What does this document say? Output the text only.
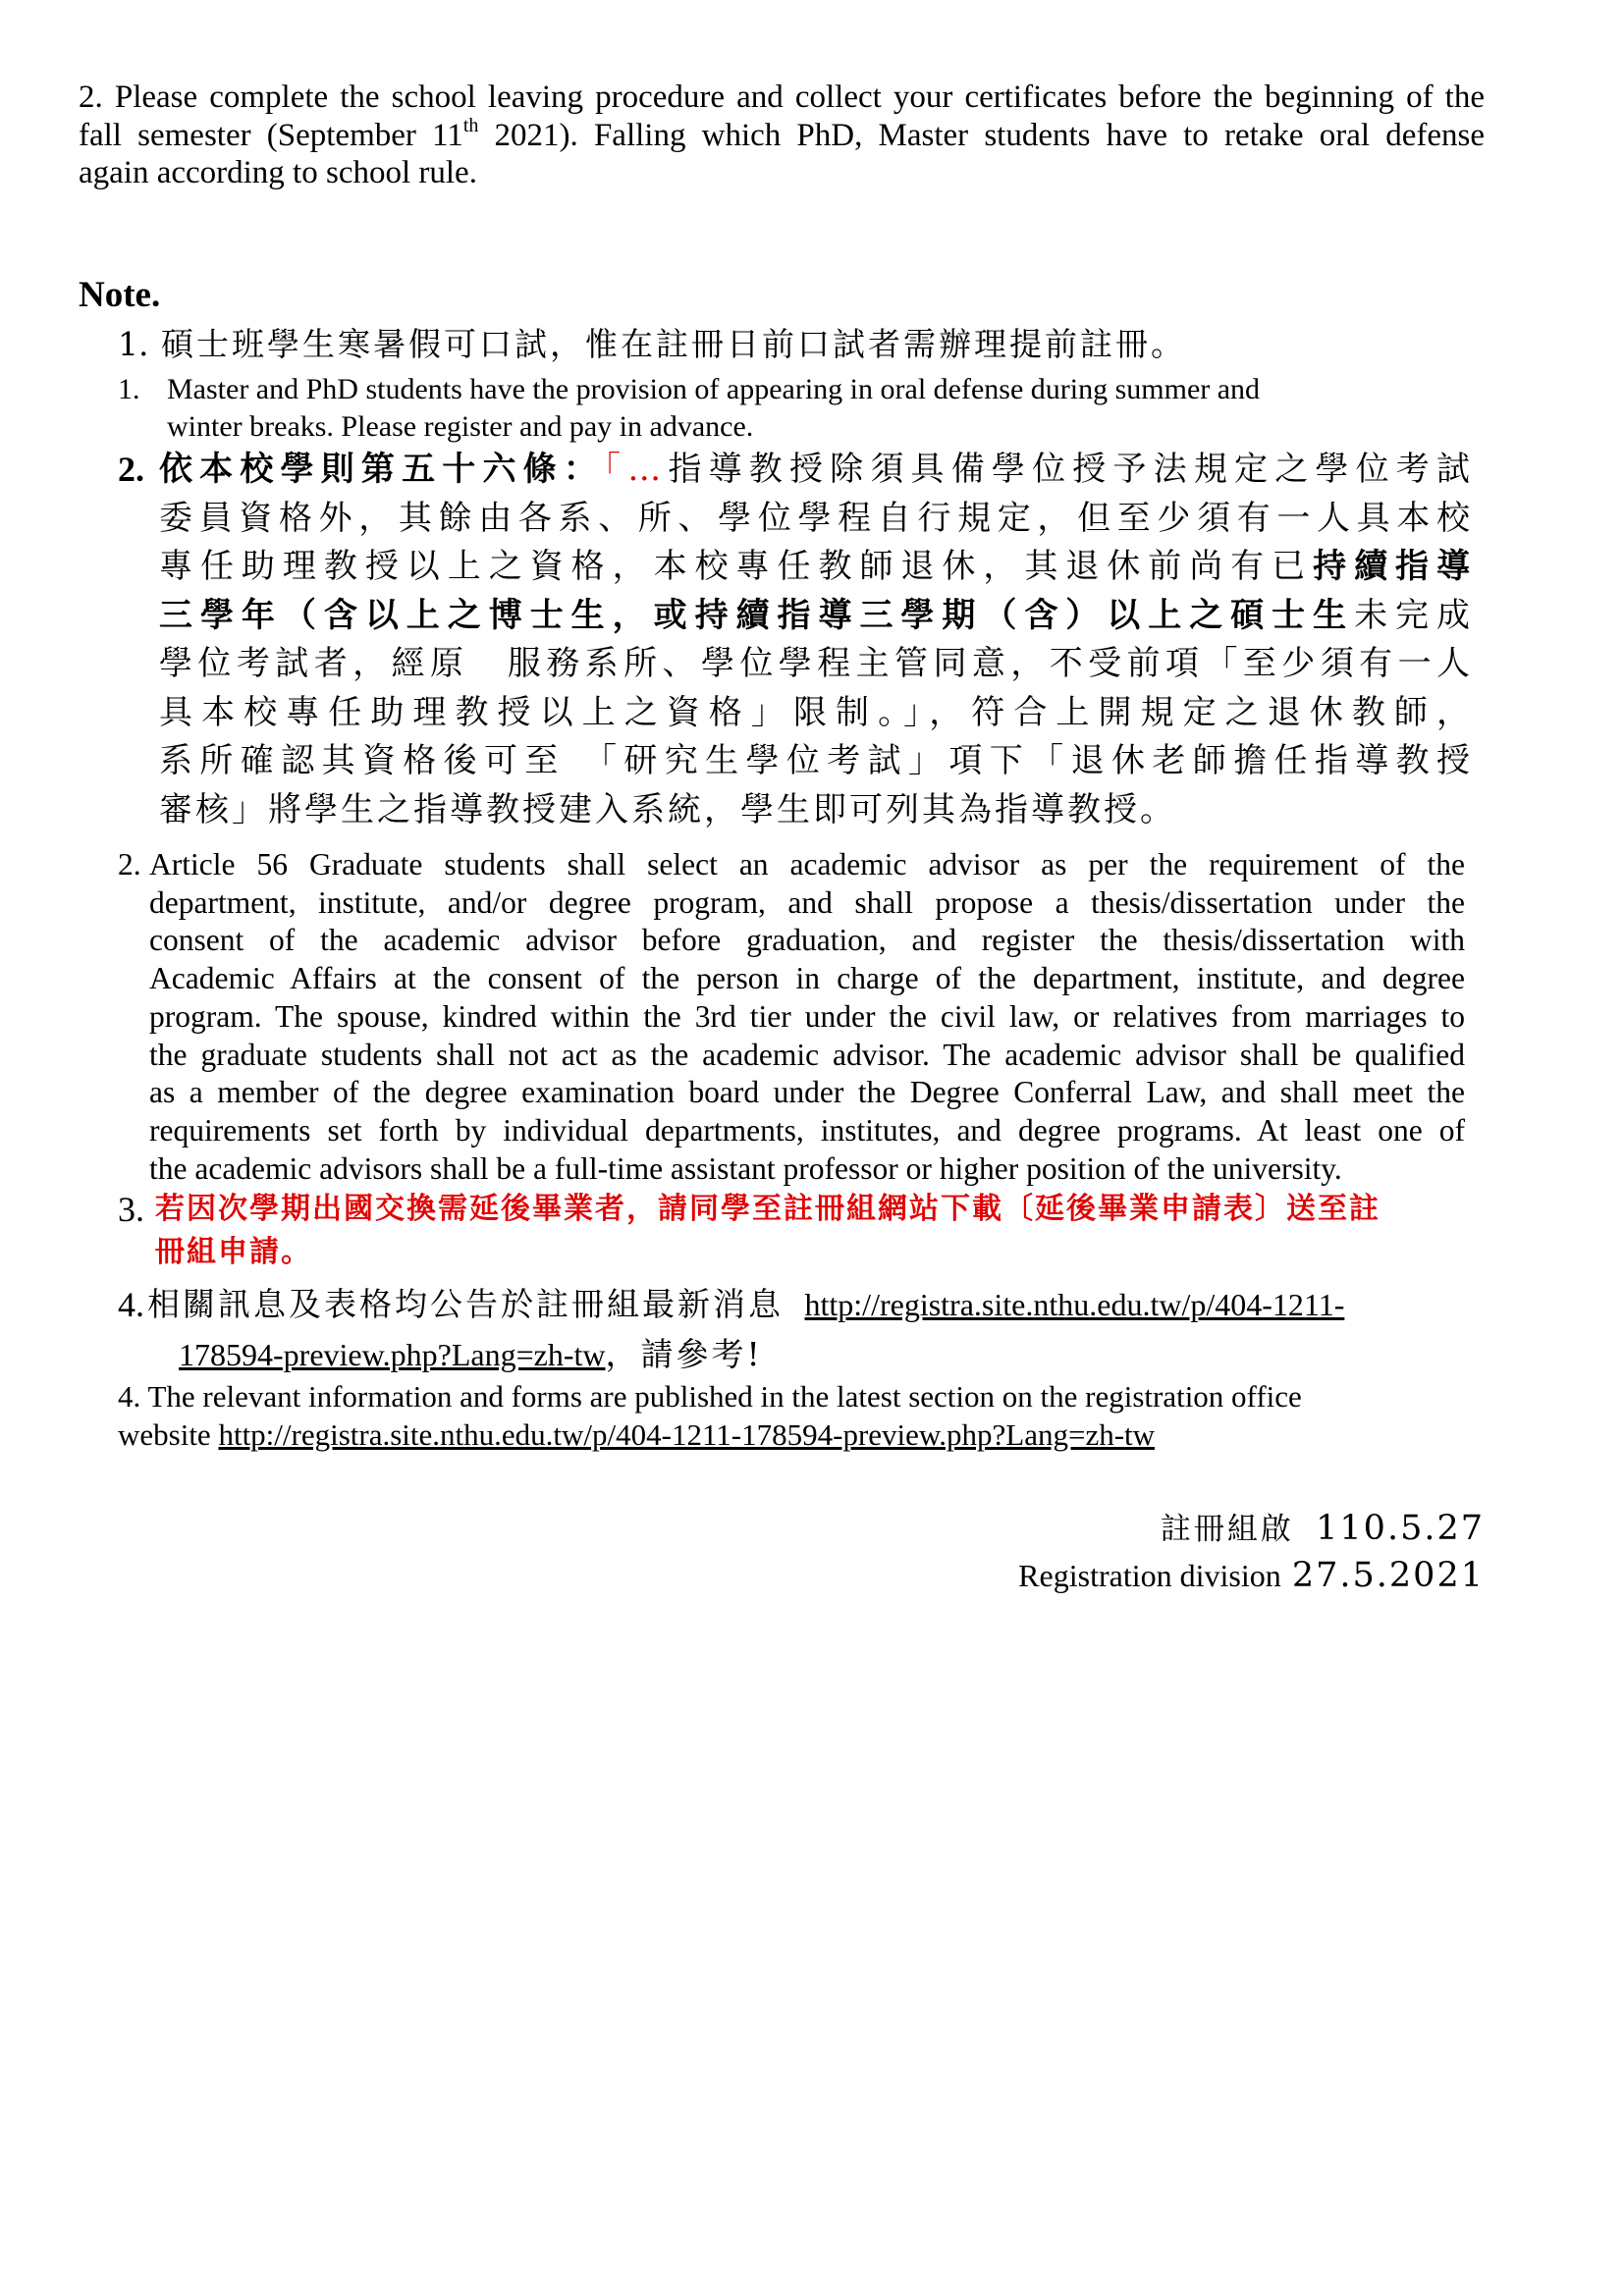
2. Please complete the school leaving procedure and collect your certificates before the beginning of the
fall semester (September 11th 2021). Falling which PhD, Master students have to retake oral defense
again according to school rule.
Note.
1. 碩士班學生寒暑假可口試，惟在註冊日前口試者需辦理提前註冊。
1. Master and PhD students have the provision of appearing in oral defense during summer and
winter breaks. Please register and pay in advance.
2. 依本校學則第五十六條：「…指導教授除須具備學位授予法規定之學位考試
委員資格外，其餘由各系、所、學位學程自行規定，但至少須有一人具本校
專任助理教授以上之資格，本校專任教師退休，其退休前尚有已持續指導
三學年（含以上之博士生，或持續指導三學期（含）以上之碩士生未完成
學位考試者，經原　服務系所、學位學程主管同意，不受前項「至少須有一人
具本校專任助理教授以上之資格」限制。」，符合上開規定之退休教師，
系所確認其資格後可至 「研究生學位考試」項下「退休老師擔任指導教授
審核」將學生之指導教授建入系統，學生即可列其為指導教授。
2. Article 56 Graduate students shall select an academic advisor as per the requirement of the
department, institute, and/or degree program, and shall propose a thesis/dissertation under the
consent of the academic advisor before graduation, and register the thesis/dissertation with
Academic Affairs at the consent of the person in charge of the department, institute, and degree
program. The spouse, kindred within the 3rd tier under the civil law, or relatives from marriages to
the graduate students shall not act as the academic advisor. The academic advisor shall be qualified
as a member of the degree examination board under the Degree Conferral Law, and shall meet the
requirements set forth by individual departments, institutes, and degree programs. At least one of
the academic advisors shall be a full-time assistant professor or higher position of the university.
3. 若因次學期出國交換需延後畢業者，請同學至註冊組網站下載〔延後畢業申請表〕送至註
冊組申請。
4. 相關訊息及表格均公告於註冊組最新消息 http://registra.site.nthu.edu.tw/p/404-1211-
178594-preview.php?Lang=zh-tw，請參考!
4. The relevant information and forms are published in the latest section on the registration office
website http://registra.site.nthu.edu.tw/p/404-1211-178594-preview.php?Lang=zh-tw
註冊組啟 110.5.27
Registration division 27.5.2021
